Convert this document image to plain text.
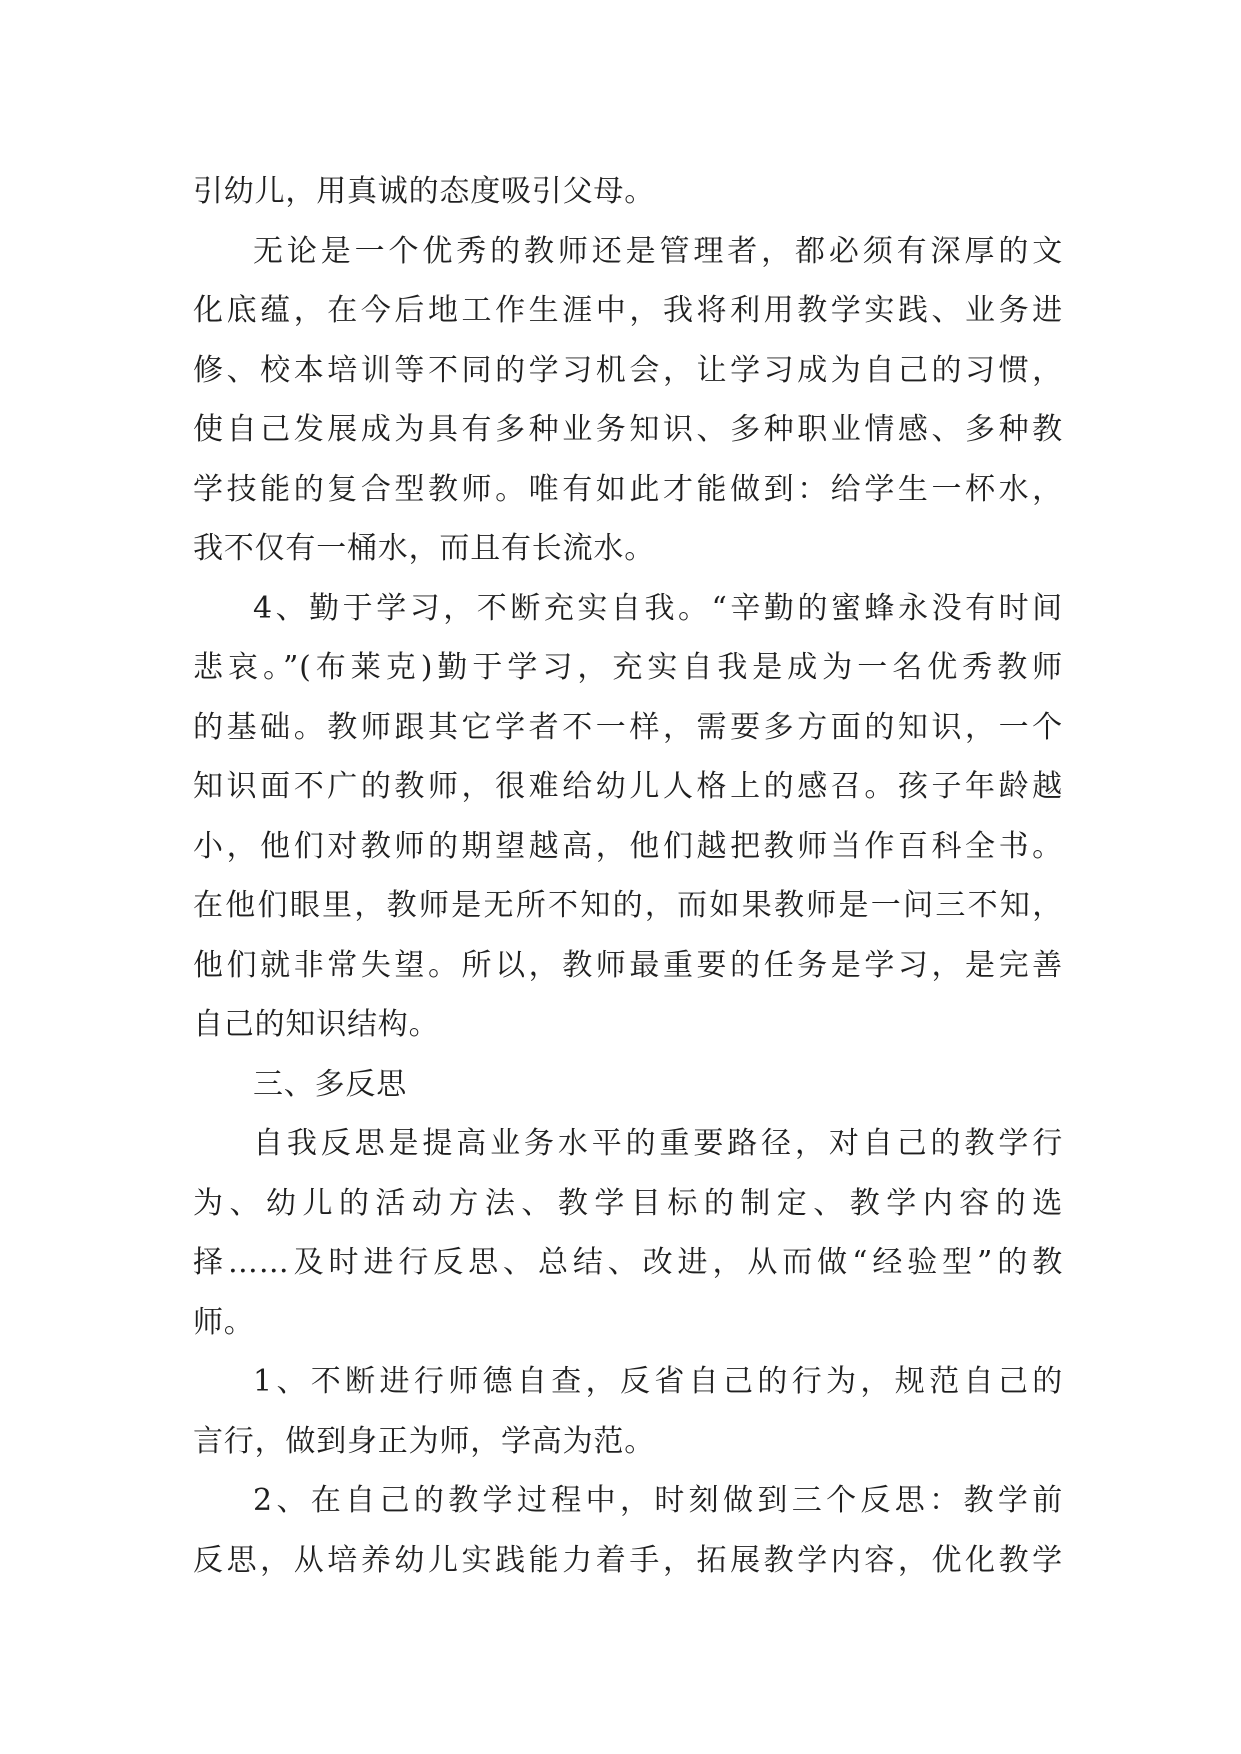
引幼儿，用真诚的态度吸引父母。
无论是一个优秀的教师还是管理者，都必须有深厚的文
化底蕴，在今后地工作生涯中，我将利用教学实践、业务进
修、校本培训等不同的学习机会，让学习成为自己的习惯，
使自己发展成为具有多种业务知识、多种职业情感、多种教
学技能的复合型教师。唯有如此才能做到：给学生一杯水，
我不仅有一桶水，而且有长流水。
4、勤于学习，不断充实自我。“辛勤的蜜蜂永没有时间
悲哀。”(布莱克)勤于学习，充实自我是成为一名优秀教师
的基础。教师跟其它学者不一样，需要多方面的知识，一个
知识面不广的教师，很难给幼儿人格上的感召。孩子年龄越
小，他们对教师的期望越高，他们越把教师当作百科全书。
在他们眼里，教师是无所不知的，而如果教师是一问三不知，
他们就非常失望。所以，教师最重要的任务是学习，是完善
自己的知识结构。
三、多反思
自我反思是提高业务水平的重要路径，对自己的教学行
为、幼儿的活动方法、教学目标的制定、教学内容的选
择……及时进行反思、总结、改进，从而做“经验型”的教
师。
1、不断进行师德自查，反省自己的行为，规范自己的
言行，做到身正为师，学高为范。
2、在自己的教学过程中，时刻做到三个反思：教学前
反思，从培养幼儿实践能力着手，拓展教学内容，优化教学
